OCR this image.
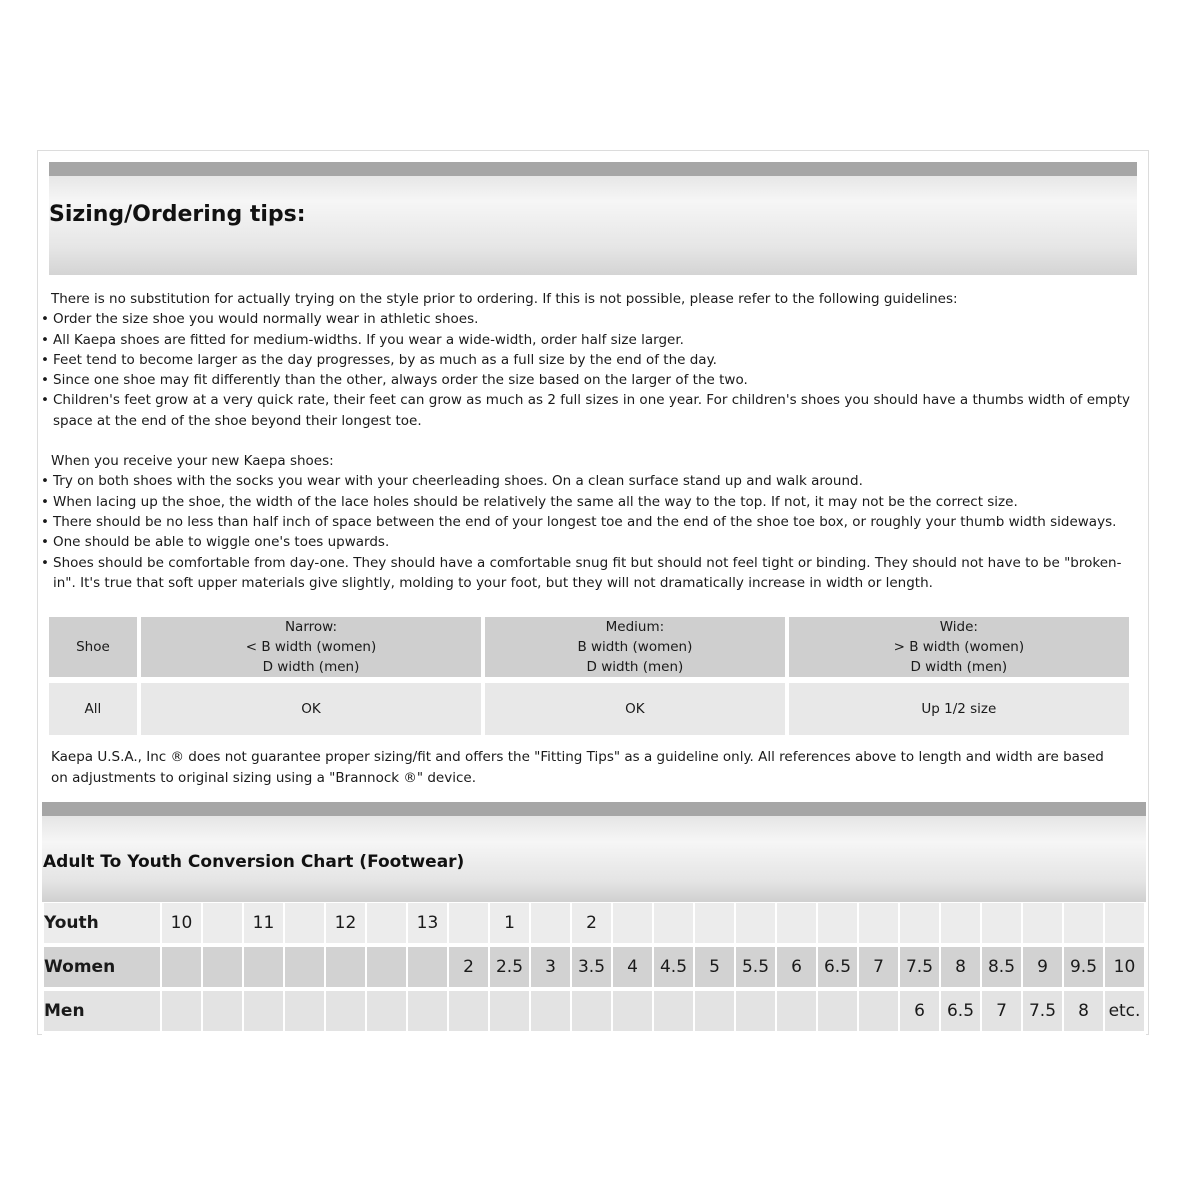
Sizing/Ordering tips:

There is no substitution for actually trying on the style prior to ordering. If this is not possible, please refer to the following guidelines:

• Order the size shoe you would normally wear in athletic shoes.
• All Kaepa shoes are fitted for medium-widths. If you wear a wide-width, order half size larger.
• Feet tend to become larger as the day progresses, by as much as a full size by the end of the day.
• Since one shoe may fit differently than the other, always order the size based on the larger of the two.
• Children's feet grow at a very quick rate, their feet can grow as much as 2 full sizes in one year. For children's shoes you should have a thumbs width of empty space at the end of the shoe beyond their longest toe.

When you receive your new Kaepa shoes:

• Try on both shoes with the socks you wear with your cheerleading shoes. On a clean surface stand up and walk around.
• When lacing up the shoe, the width of the lace holes should be relatively the same all the way to the top. If not, it may not be the correct size.
• There should be no less than half inch of space between the end of your longest toe and the end of the shoe toe box, or roughly your thumb width sideways.
• One should be able to wiggle one's toes upwards.
• Shoes should be comfortable from day-one. They should have a comfortable snug fit but should not feel tight or binding. They should not have to be "broken-in". It's true that soft upper materials give slightly, molding to your foot, but they will not dramatically increase in width or length.
Shoe	Narrow:
< B width (women)
D width (men)	Medium:
B width (women)
D width (men)	Wide:
> B width (women)
D width (men)

All	OK	OK	Up 1/2 size
Kaepa U.S.A., Inc ® does not guarantee proper sizing/fit and offers the "Fitting Tips" as a guideline only. All references above to length and width are based on adjustments to original sizing using a "Brannock ®" device.
Adult To Youth Conversion Chart (Footwear)
Youth	10		11		12		13		1		2													
Women								2	2.5	3	3.5	4	4.5	5	5.5	6	6.5	7	7.5	8	8.5	9	9.5	10
Men																			6	6.5	7	7.5	8	etc.
